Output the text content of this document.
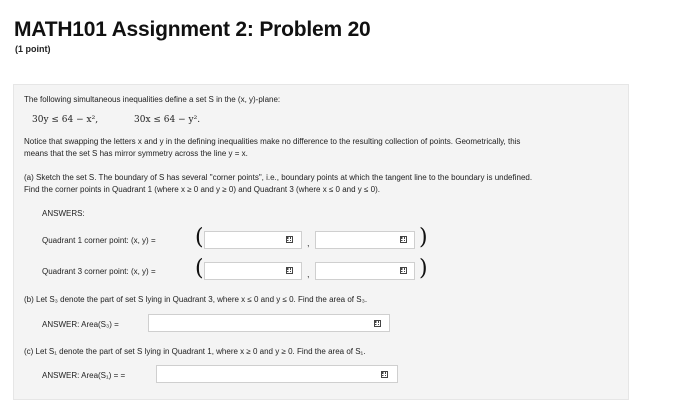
MATH101 Assignment 2: Problem 20
(1 point)
The following simultaneous inequalities define a set S in the (x, y)-plane:
30y ≤ 64 − x²,	30x ≤ 64 − y².
Notice that swapping the letters x and y in the defining inequalities make no difference to the resulting collection of points. Geometrically, this
means that the set S has mirror symmetry across the line y = x.
(a) Sketch the set S. The boundary of S has several "corner points", i.e., boundary points at which the tangent line to the boundary is undefined.
Find the corner points in Quadrant 1 (where x ≥ 0 and y ≥ 0) and Quadrant 3 (where x ≤ 0 and y ≤ 0).
ANSWERS:
Quadrant 1 corner point: (x, y) = (	,	)
Quadrant 3 corner point: (x, y) = (	,	)
(b) Let S₃ denote the part of set S lying in Quadrant 3, where x ≤ 0 and y ≤ 0. Find the area of S₃.
ANSWER: Area(S₃) =
(c) Let S₁ denote the part of set S lying in Quadrant 1, where x ≥ 0 and y ≥ 0. Find the area of S₁.
ANSWER: Area(S₁) = =
